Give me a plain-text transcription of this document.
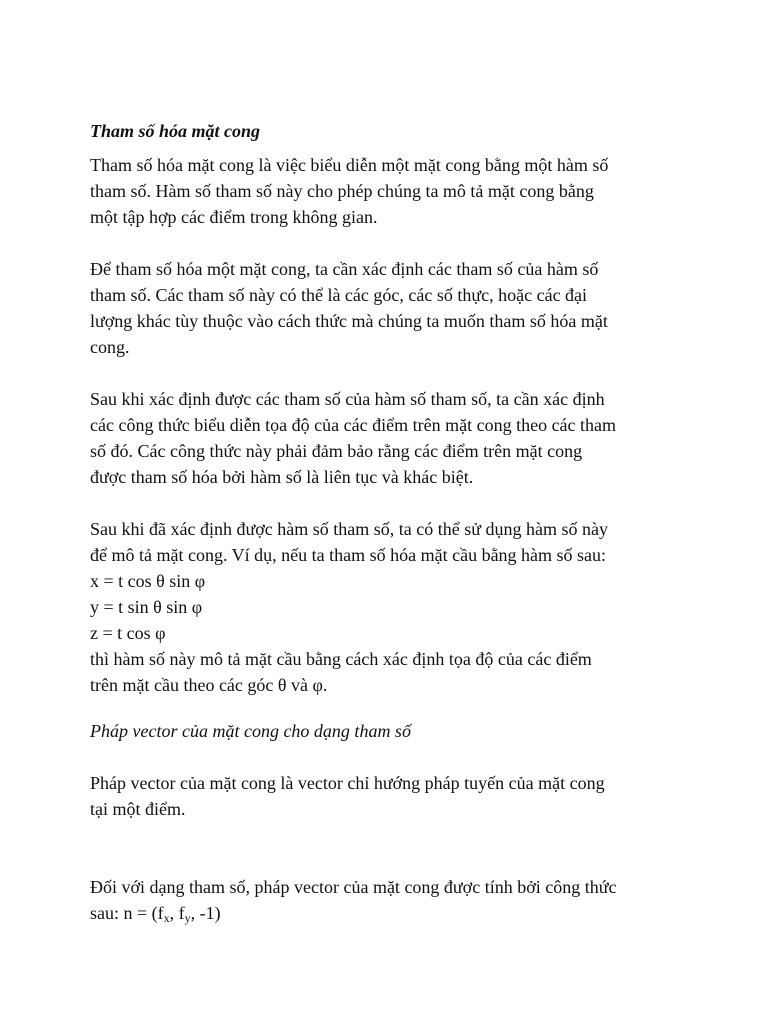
Tham số hóa mặt cong
Tham số hóa mặt cong là việc biểu diễn một mặt cong bằng một hàm số
tham số. Hàm số tham số này cho phép chúng ta mô tả mặt cong bằng
một tập hợp các điểm trong không gian.
Để tham số hóa một mặt cong, ta cần xác định các tham số của hàm số
tham số. Các tham số này có thể là các góc, các số thực, hoặc các đại
lượng khác tùy thuộc vào cách thức mà chúng ta muốn tham số hóa mặt
cong.
Sau khi xác định được các tham số của hàm số tham số, ta cần xác định
các công thức biểu diễn tọa độ của các điểm trên mặt cong theo các tham
số đó. Các công thức này phải đảm bảo rằng các điểm trên mặt cong
được tham số hóa bởi hàm số là liên tục và khác biệt.
Sau khi đã xác định được hàm số tham số, ta có thể sử dụng hàm số này
để mô tả mặt cong. Ví dụ, nếu ta tham số hóa mặt cầu bằng hàm số sau:
x = t cos θ sin φ
y = t sin θ sin φ
z = t cos φ
thì hàm số này mô tả mặt cầu bằng cách xác định tọa độ của các điểm
trên mặt cầu theo các góc θ và φ.
Pháp vector của mặt cong cho dạng tham số
Pháp vector của mặt cong là vector chỉ hướng pháp tuyến của mặt cong
tại một điểm.
Đối với dạng tham số, pháp vector của mặt cong được tính bởi công thức
sau: $n = (f_x$, $f_y$, -1)
